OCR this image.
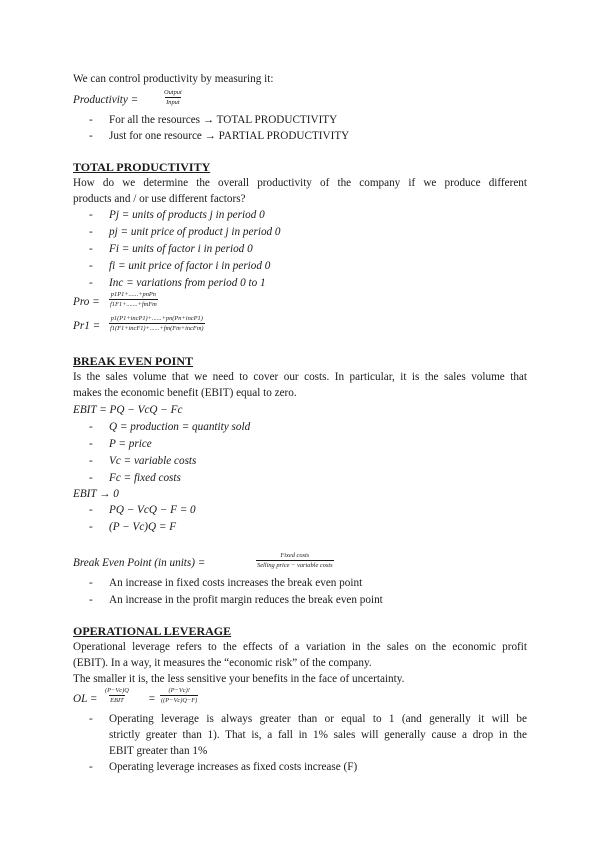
We can control productivity by measuring it:
Productivity =
Output
Input
- For all the resources → TOTAL PRODUCTIVITY
- Just for one resource → PARTIAL PRODUCTIVITY
TOTAL PRODUCTIVITY
How do we determine the overall productivity of the company if we produce different
products and / or use different factors?
- Pj = units of products j in period 0
- pj = unit price of product j in period 0
- Fi = units of factor i in period 0
- fi = unit price of factor i in period 0
- Inc = variations from period 0 to 1
Pro =
p1P1+......+pnPn
f1F1+.......+fmFm
Pr1 =
p1(P1+incP1)+......+pn(Pn+incP1)
f1(F1+incF1)+......+fm(Fm+incFm)
BREAK EVEN POINT
Is the sales volume that we need to cover our costs. In particular, it is the sales volume that
makes the economic benefit (EBIT) equal to zero.
EBIT = PQ − VcQ − Fc
- Q = production = quantity sold
- P = price
- Vc = variable costs
- Fc = fixed costs
EBIT → 0
- PQ − VcQ − F = 0
- (P − Vc)Q = F
Break Even Point (in units) =
Fixed costs
Selling price − variable costs
- An increase in fixed costs increases the break even point
- An increase in the profit margin reduces the break even point
OPERATIONAL LEVERAGE
Operational leverage refers to the effects of a variation in the sales on the economic profit
(EBIT). In a way, it measures the “economic risk” of the company.
The smaller it is, the less sensitive your benefits in the face of uncertainty.
OL =
(P−Vc)Q
EBIT = $\frac{(P-Vc)!}{((P-Vc)Q-F)}$
- Operating leverage is always greater than or equal to 1 (and generally it will be
strictly greater than 1). That is, a fall in 1% sales will generally cause a drop in the
EBIT greater than 1%
- Operating leverage increases as fixed costs increase (F)
